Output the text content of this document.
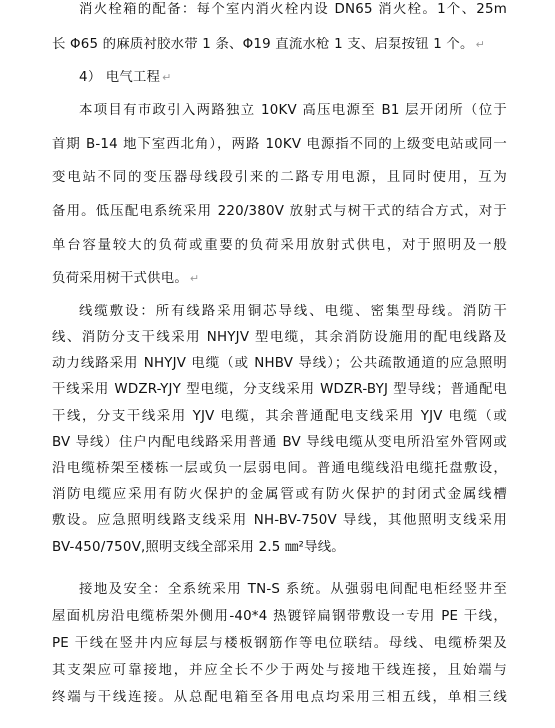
消火栓箱的配备：每个室内消火栓内设 DN65 消火栓。1个、25m
长 Φ65 的麻质衬胶水带 1 条、Φ19 直流水枪 1 支、启泵按钮 1 个。 ↵
4） 电气工程 ↵
本项目有市政引入两路独立 10KV 高压电源至 B1 层开闭所（位于
首期 B-14 地下室西北角），两路 10KV 电源指不同的上级变电站或同一
变电站不同的变压器母线段引来的二路专用电源，且同时使用，互为
备用。低压配电系统采用 220/380V 放射式与树干式的结合方式，对于
单台容量较大的负荷或重要的负荷采用放射式供电，对于照明及一般
负荷采用树干式供电。 ↵
线缆敷设：所有线路采用铜芯导线、电缆、密集型母线。消防干
线、消防分支干线采用 NHYJV 型电缆，其余消防设施用的配电线路及
动力线路采用 NHYJV 电缆（或 NHBV 导线）；公共疏散通道的应急照明
干线采用 WDZR-YJY 型电缆，分支线采用 WDZR-BYJ 型导线；普通配电
干线，分支干线采用 YJV 电缆，其余普通配电支线采用 YJV 电缆（或
BV 导线）住户内配电线路采用普通 BV 导线电缆从变电所沿室外管网或
沿电缆桥架至楼栋一层或负一层弱电间。普通电缆线沿电缆托盘敷设，
消防电缆应采用有防火保护的金属管或有防火保护的封闭式金属线槽
敷设。应急照明线路支线采用 NH-BV-750V 导线，其他照明支线采用
BV-450/750V,照明支线全部采用 2.5 ㎜²导线。
接地及安全：全系统采用 TN-S 系统。从强弱电间配电柜经竖井至
屋面机房沿电缆桥架外侧用-40*4 热镀锌扁钢带敷设一专用 PE 干线，
PE 干线在竖井内应每层与楼板钢筋作等电位联结。母线、电缆桥架及
其支架应可靠接地，并应全长不少于两处与接地干线连接，且始端与
终端与干线连接。从总配电箱至各用电点均采用三相五线，单相三线
